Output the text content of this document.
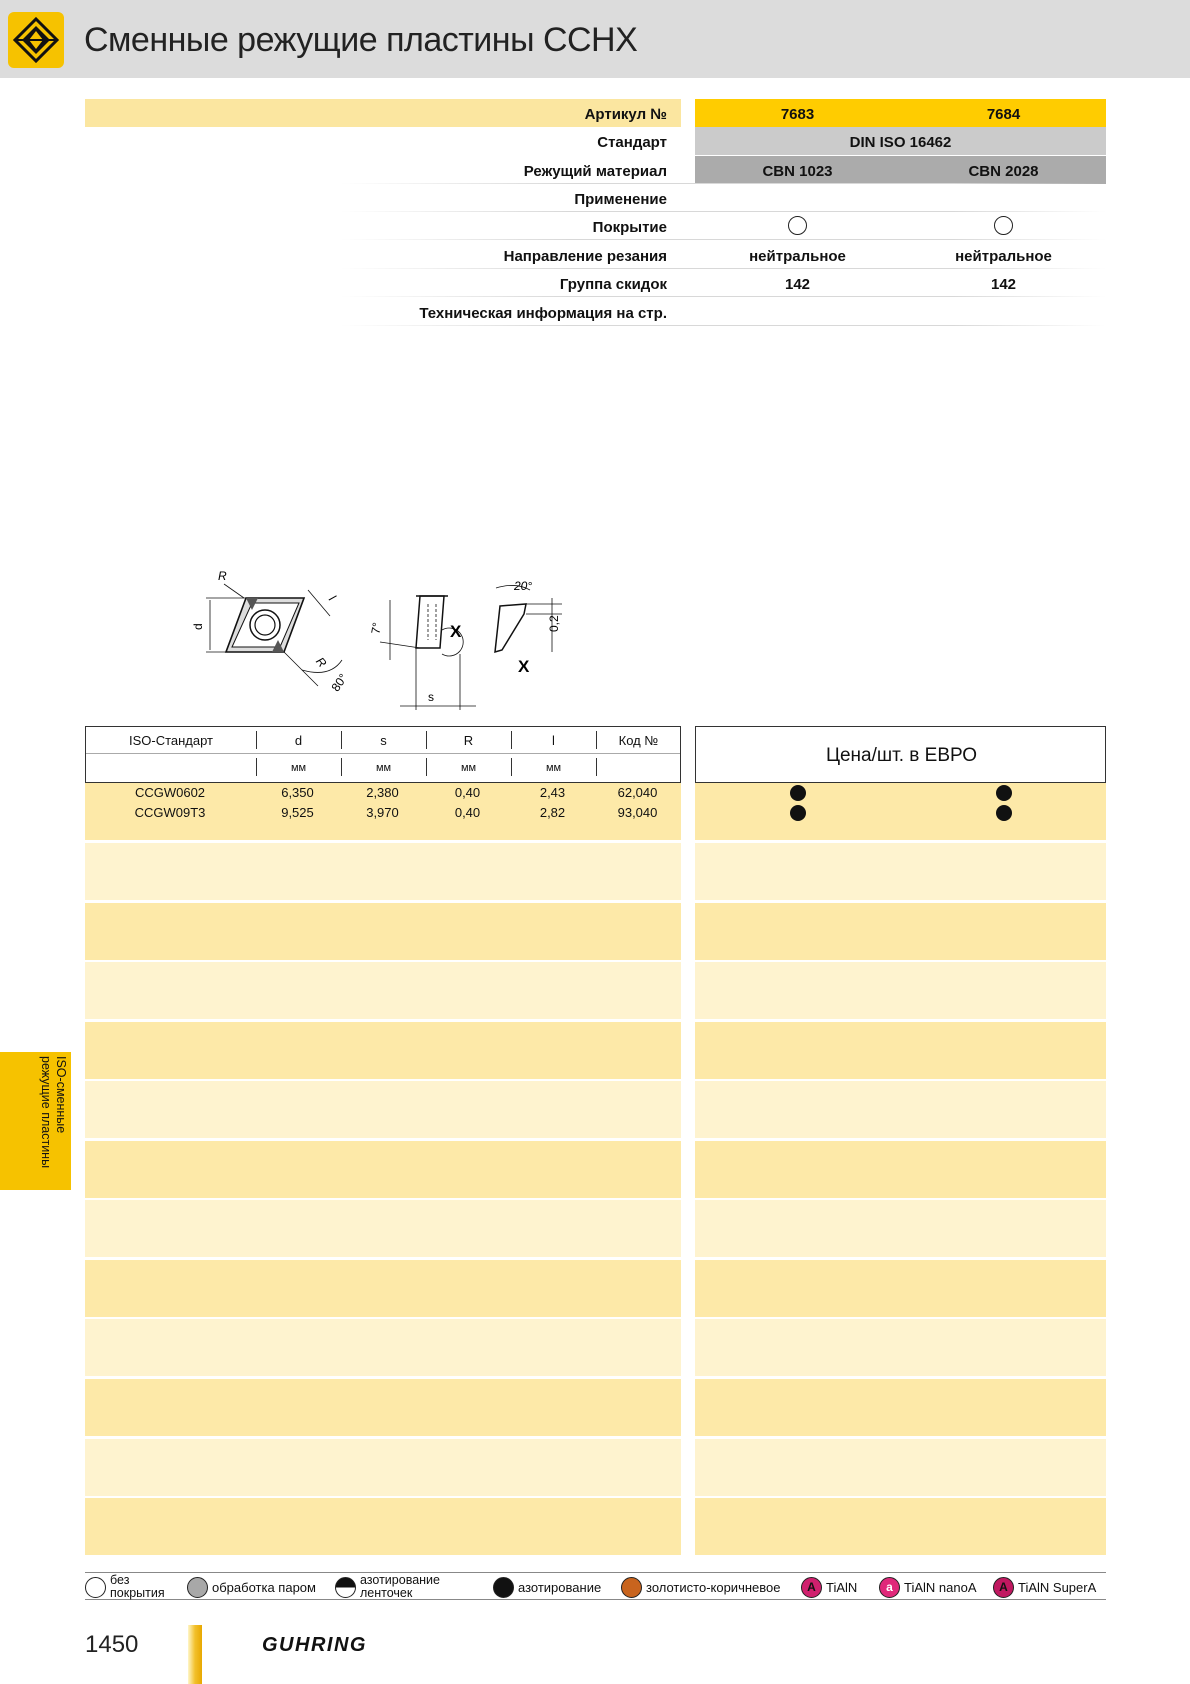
Сменные режущие пластины CCHX
Артикул №	7683	7684
Стандарт	DIN ISO 16462
Режущий материал	CBN 1023	CBN 2028
Применение
Покрытие
Направление резания	нейтральное	нейтральное
Группа скидок	142	142
Техническая информация на стр.
d
R
l
R
80°
7°	X
s
20°
0,2
X
ISO-Стандарт	d	s	R	l	Код №
мм	мм	мм	мм
Цена/шт. в ЕВРО
CCGW0602	6,350	2,380	0,40	2,43	62,040
CCGW09T3	9,525	3,970	0,40	2,82	93,040
без
покрытия	обработка паром	азотирование
ленточек	азотирование	золотисто-коричневое	A TiAlN	a TiAlN nanoA	A TiAlN SuperA
ISO-сменные
режущие пластины
1450	GUHRING
